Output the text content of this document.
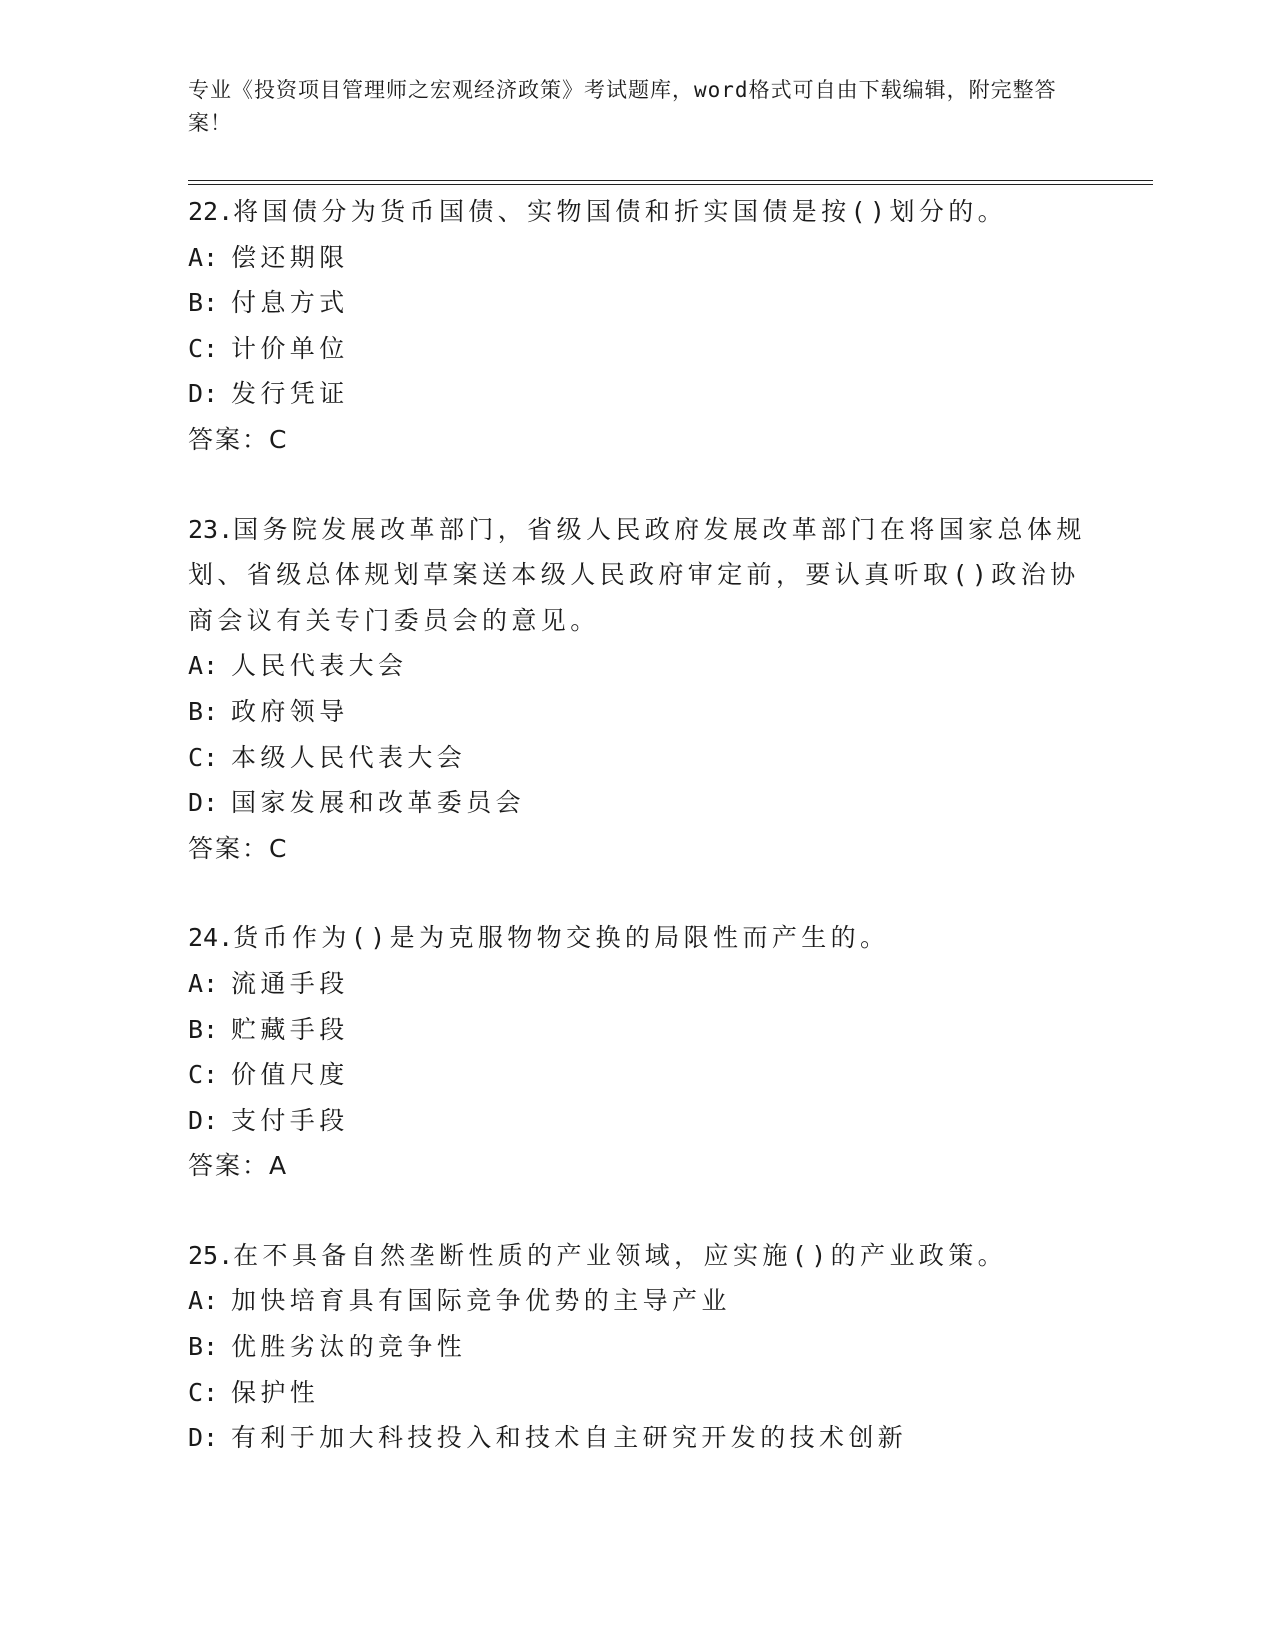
专业《投资项目管理师之宏观经济政策》考试题库，word格式可自由下载编辑，附完整答案！
22.将国债分为货币国债、实物国债和折实国债是按()划分的。
A: 偿还期限
B: 付息方式
C: 计价单位
D: 发行凭证
答案：C
23.国务院发展改革部门，省级人民政府发展改革部门在将国家总体规划、省级总体规划草案送本级人民政府审定前，要认真听取()政治协商会议有关专门委员会的意见。
A: 人民代表大会
B: 政府领导
C: 本级人民代表大会
D: 国家发展和改革委员会
答案：C
24.货币作为()是为克服物物交换的局限性而产生的。
A: 流通手段
B: 贮藏手段
C: 价值尺度
D: 支付手段
答案：A
25.在不具备自然垄断性质的产业领域，应实施()的产业政策。
A: 加快培育具有国际竞争优势的主导产业
B: 优胜劣汰的竞争性
C: 保护性
D: 有利于加大科技投入和技术自主研究开发的技术创新
